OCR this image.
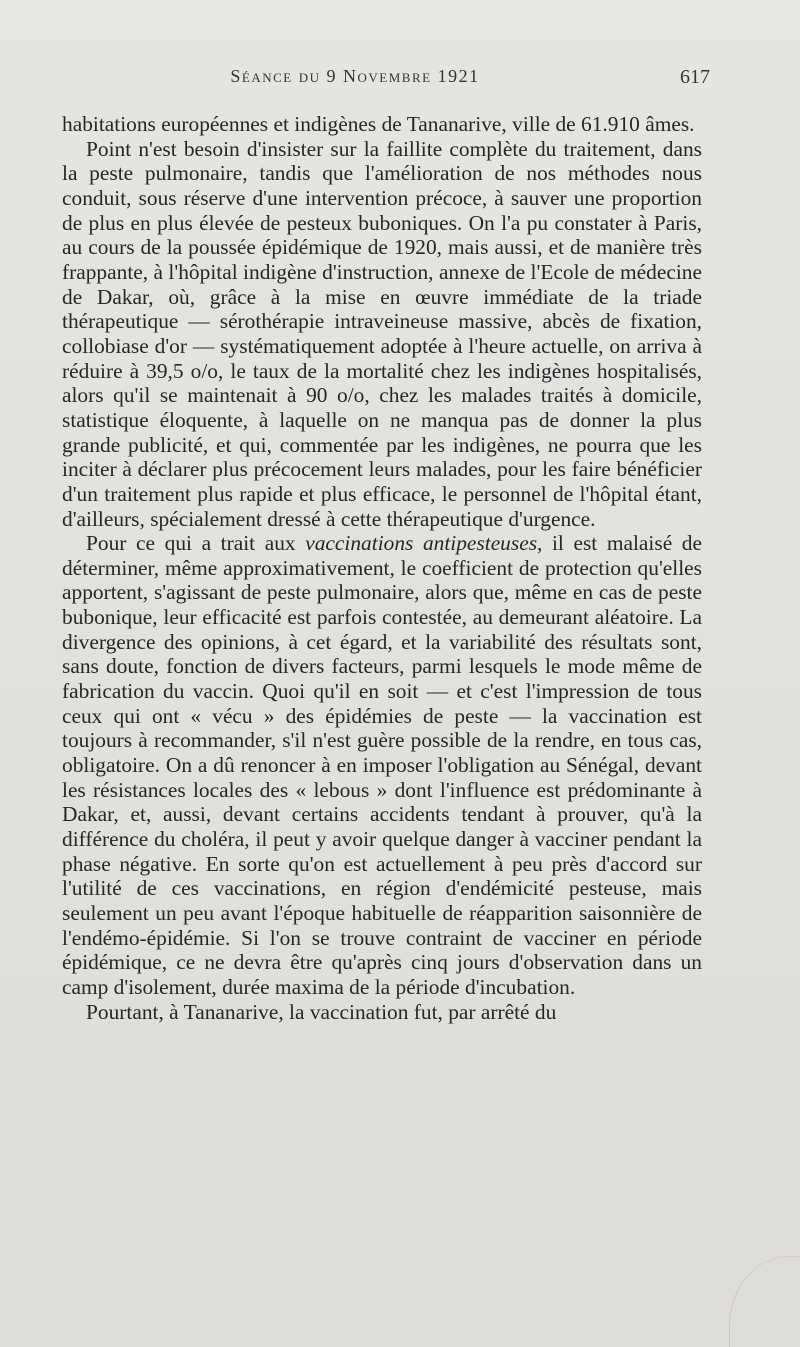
Séance du 9 Novembre 1921	617

habitations européennes et indigènes de Tananarive, ville de 61.910 âmes.

Point n'est besoin d'insister sur la faillite complète du traitement, dans la peste pulmonaire, tandis que l'amélioration de nos méthodes nous conduit, sous réserve d'une intervention précoce, à sauver une proportion de plus en plus élevée de pesteux buboniques. On l'a pu constater à Paris, au cours de la poussée épidémique de 1920, mais aussi, et de manière très frappante, à l'hôpital indigène d'instruction, annexe de l'Ecole de médecine de Dakar, où, grâce à la mise en œuvre immédiate de la triade thérapeutique — sérothérapie intraveineuse massive, abcès de fixation, collobiase d'or — systématiquement adoptée à l'heure actuelle, on arriva à réduire à 39,5 o/o, le taux de la mortalité chez les indigènes hospitalisés, alors qu'il se maintenait à 90 o/o, chez les malades traités à domicile, statistique éloquente, à laquelle on ne manqua pas de donner la plus grande publicité, et qui, commentée par les indigènes, ne pourra que les inciter à déclarer plus précocement leurs malades, pour les faire bénéficier d'un traitement plus rapide et plus efficace, le personnel de l'hôpital étant, d'ailleurs, spécialement dressé à cette thérapeutique d'urgence.

Pour ce qui a trait aux vaccinations antipesteuses, il est malaisé de déterminer, même approximativement, le coefficient de protection qu'elles apportent, s'agissant de peste pulmonaire, alors que, même en cas de peste bubonique, leur efficacité est parfois contestée, au demeurant aléatoire. La divergence des opinions, à cet égard, et la variabilité des résultats sont, sans doute, fonction de divers facteurs, parmi lesquels le mode même de fabrication du vaccin. Quoi qu'il en soit — et c'est l'impression de tous ceux qui ont « vécu » des épidémies de peste — la vaccination est toujours à recommander, s'il n'est guère possible de la rendre, en tous cas, obligatoire. On a dû renoncer à en imposer l'obligation au Sénégal, devant les résistances locales des « lebous » dont l'influence est prédominante à Dakar, et, aussi, devant certains accidents tendant à prouver, qu'à la différence du choléra, il peut y avoir quelque danger à vacciner pendant la phase négative. En sorte qu'on est actuellement à peu près d'accord sur l'utilité de ces vaccinations, en région d'endémicité pesteuse, mais seulement un peu avant l'époque habituelle de réapparition saisonnière de l'endémo-épidémie. Si l'on se trouve contraint de vacciner en période épidémique, ce ne devra être qu'après cinq jours d'observation dans un camp d'isolement, durée maxima de la période d'incubation.

Pourtant, à Tananarive, la vaccination fut, par arrêté du
